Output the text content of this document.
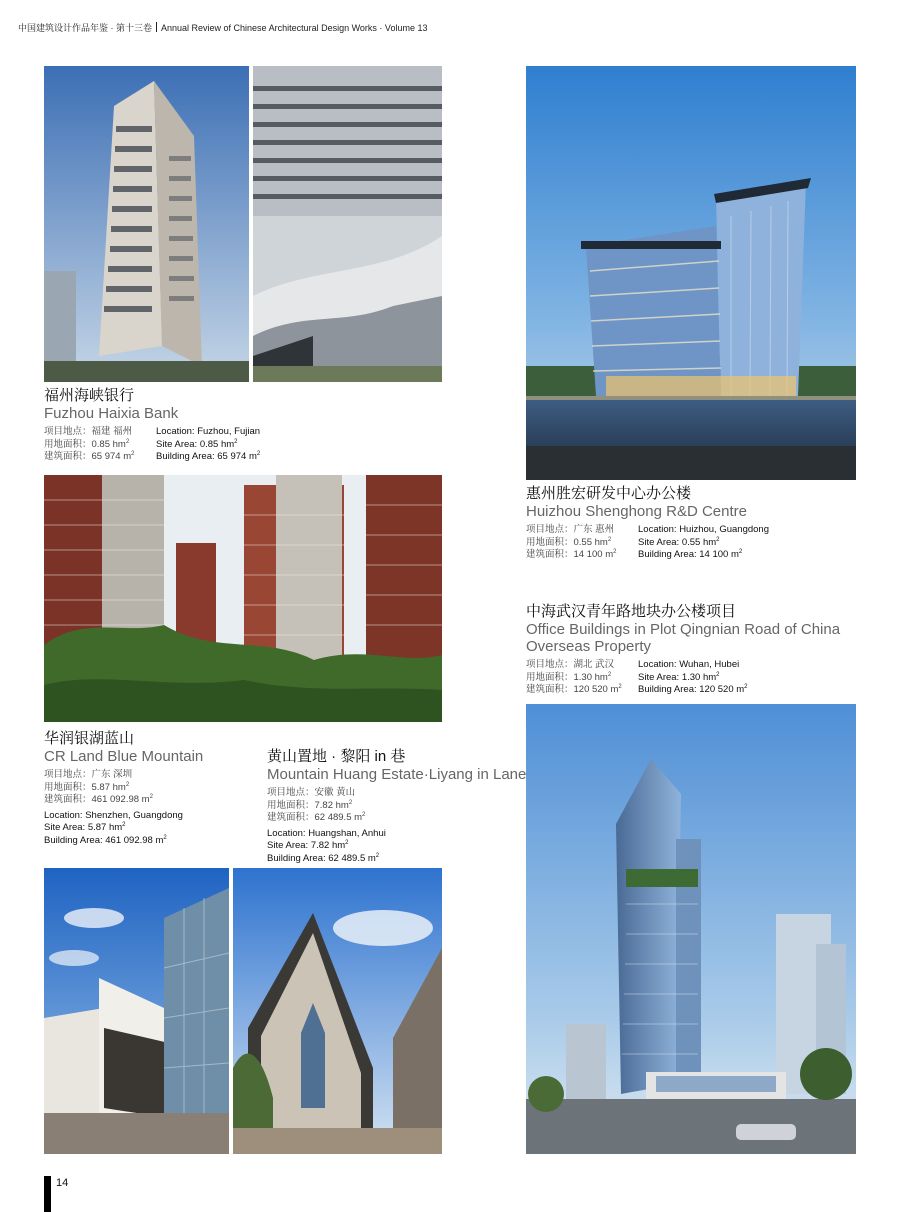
中国建筑设计作品年鉴 · 第十三卷 Annual Review of Chinese Architectural Design Works · Volume 13
福州海峡银行
Fuzhou Haixia Bank
项目地点：福建 福州	Location: Fuzhou, Fujian
用地面积：0.85 $hm^2$	Site Area: 0.85 $hm^2$
建筑面积：65 974 $m^2$	Building Area: 65 974 $m^2$
惠州胜宏研发中心办公楼
Huizhou Shenghong R&D Centre
项目地点：广东 惠州	Location: Huizhou, Guangdong
用地面积：0.55 $hm^2$	Site Area: 0.55 $hm^2$
建筑面积：14 100 $m^2$	Building Area: 14 100 $m^2$
中海武汉青年路地块办公楼项目
Office Buildings in Plot Qingnian Road of China
Overseas Property
项目地点：湖北 武汉	Location: Wuhan, Hubei
用地面积：1.30 $hm^2$	Site Area: 1.30 $hm^2$
建筑面积：120 520 $m^2$	Building Area: 120 520 $m^2$
华润银湖蓝山
CR Land Blue Mountain
项目地点：广东 深圳
用地面积：5.87 $hm^2$
建筑面积：461 092.98 $m^2$
Location: Shenzhen, Guangdong
Site Area: 5.87 $hm^2$
Building Area: 461 092.98 $m^2$
黄山置地 · 黎阳 in 巷
Mountain Huang Estate·Liyang in Lane
项目地点：安徽 黄山
用地面积：7.82 $hm^2$
建筑面积：62 489.5 $m^2$
Location: Huangshan, Anhui
Site Area: 7.82 $hm^2$
Building Area: 62 489.5 $m^2$
14
